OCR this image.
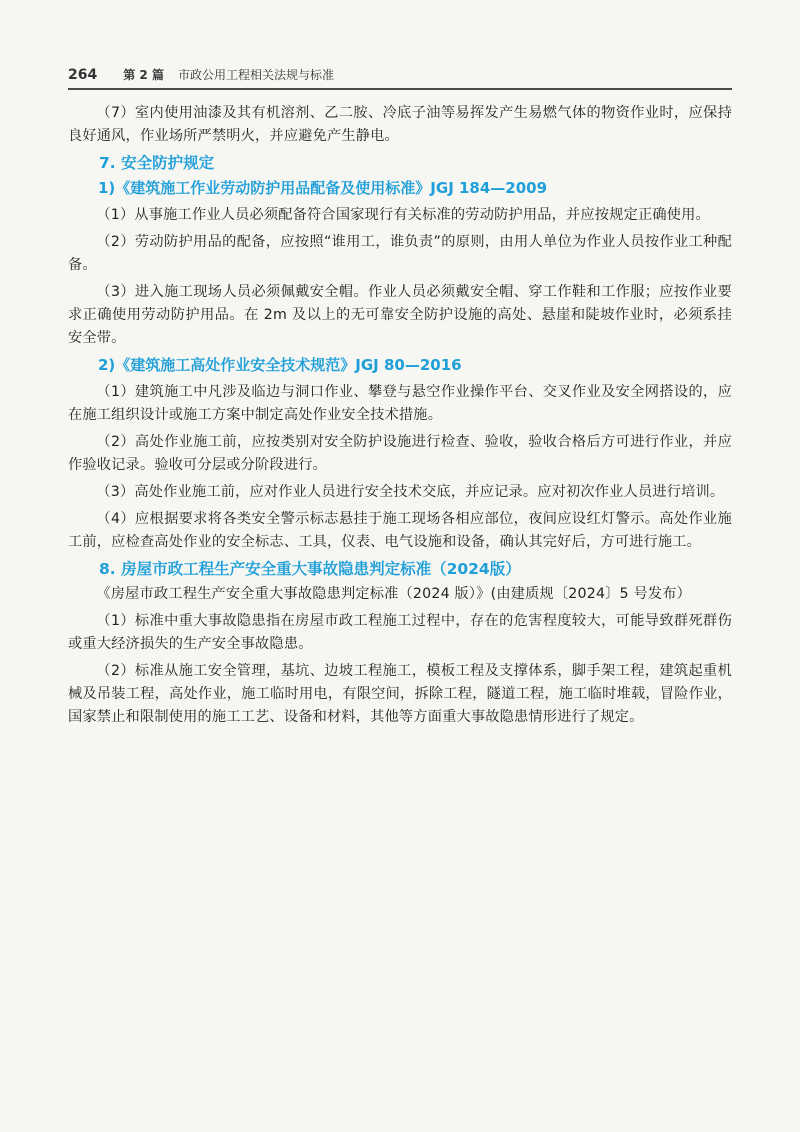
264 第 2 篇 市政公用工程相关法规与标准

（7）室内使用油漆及其有机溶剂、乙二胺、冷底子油等易挥发产生易燃气体的物资作业时，应保持良好通风，作业场所严禁明火，并应避免产生静电。

7. 安全防护规定
1)《建筑施工作业劳动防护用品配备及使用标准》JGJ 184—2009

（1）从事施工作业人员必须配备符合国家现行有关标准的劳动防护用品，并应按规定正确使用。

（2）劳动防护用品的配备，应按照“谁用工，谁负责”的原则，由用人单位为作业人员按作业工种配备。

（3）进入施工现场人员必须佩戴安全帽。作业人员必须戴安全帽、穿工作鞋和工作服；应按作业要求正确使用劳动防护用品。在 2m 及以上的无可靠安全防护设施的高处、悬崖和陡坡作业时，必须系挂安全带。

2)《建筑施工高处作业安全技术规范》JGJ 80—2016

（1）建筑施工中凡涉及临边与洞口作业、攀登与悬空作业操作平台、交叉作业及安全网搭设的，应在施工组织设计或施工方案中制定高处作业安全技术措施。

（2）高处作业施工前，应按类别对安全防护设施进行检查、验收，验收合格后方可进行作业，并应作验收记录。验收可分层或分阶段进行。

（3）高处作业施工前，应对作业人员进行安全技术交底，并应记录。应对初次作业人员进行培训。

（4）应根据要求将各类安全警示标志悬挂于施工现场各相应部位，夜间应设红灯警示。高处作业施工前，应检查高处作业的安全标志、工具，仪表、电气设施和设备，确认其完好后，方可进行施工。

8. 房屋市政工程生产安全重大事故隐患判定标准（2024版）

《房屋市政工程生产安全重大事故隐患判定标准（2024 版）》(由建质规〔2024〕5 号发布）

（1）标准中重大事故隐患指在房屋市政工程施工过程中，存在的危害程度较大，可能导致群死群伤或重大经济损失的生产安全事故隐患。

（2）标准从施工安全管理，基坑、边坡工程施工，模板工程及支撑体系，脚手架工程，建筑起重机械及吊装工程，高处作业，施工临时用电，有限空间，拆除工程，隧道工程，施工临时堆载，冒险作业，国家禁止和限制使用的施工工艺、设备和材料，其他等方面重大事故隐患情形进行了规定。
